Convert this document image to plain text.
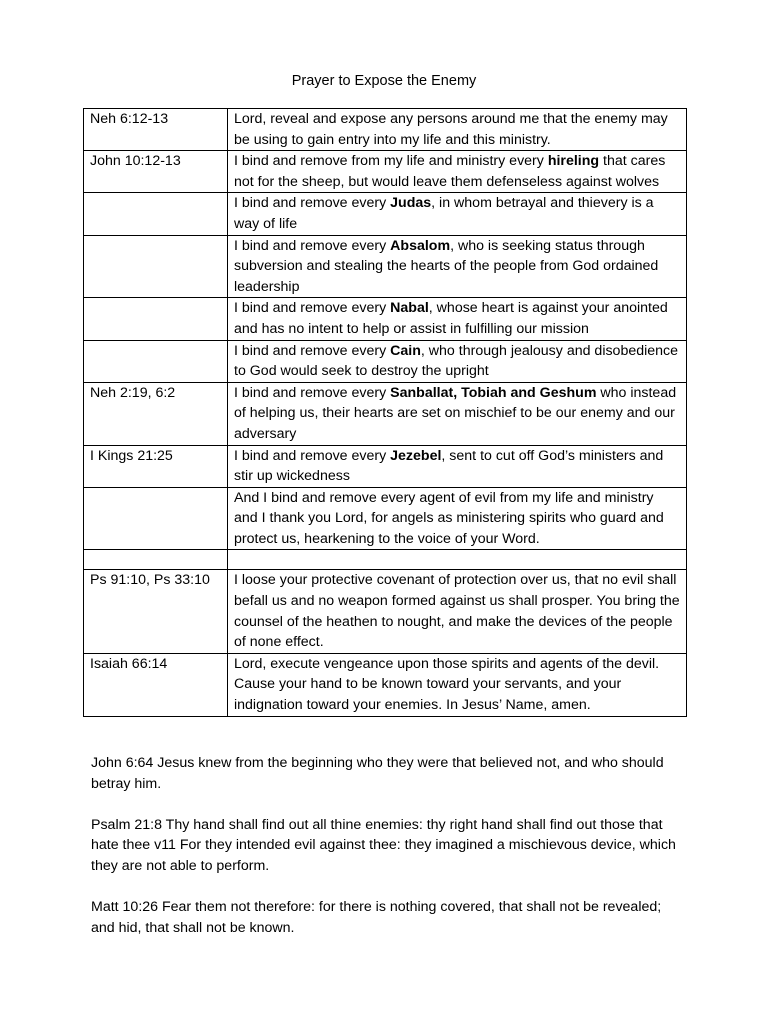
Prayer to Expose the Enemy
Neh 6:12-13	Lord, reveal and expose any persons around me that the enemy may be using to gain entry into my life and this ministry.
John 10:12-13	I bind and remove from my life and ministry every hireling that cares not for the sheep, but would leave them defenseless against wolves
	I bind and remove every Judas, in whom betrayal and thievery is a way of life
	I bind and remove every Absalom, who is seeking status through subversion and stealing the hearts of the people from God ordained leadership
	I bind and remove every Nabal, whose heart is against your anointed and has no intent to help or assist in fulfilling our mission
	I bind and remove every Cain, who through jealousy and disobedience to God would seek to destroy the upright
Neh 2:19, 6:2	I bind and remove every Sanballat, Tobiah and Geshum who instead of helping us, their hearts are set on mischief to be our enemy and our adversary
I Kings 21:25	I bind and remove every Jezebel, sent to cut off God’s ministers and stir up wickedness
	And I bind and remove every agent of evil from my life and ministry and I thank you Lord, for angels as ministering spirits who guard and protect us, hearkening to the voice of your Word.

Ps 91:10, Ps 33:10	I loose your protective covenant of protection over us, that no evil shall befall us and no weapon formed against us shall prosper. You bring the counsel of the heathen to nought, and make the devices of the people of none effect.
Isaiah 66:14	Lord, execute vengeance upon those spirits and agents of the devil. Cause your hand to be known toward your servants, and your indignation toward your enemies. In Jesus’ Name, amen.

John 6:64 Jesus knew from the beginning who they were that believed not, and who should betray him.

Psalm 21:8 Thy hand shall find out all thine enemies: thy right hand shall find out those that hate thee v11 For they intended evil against thee: they imagined a mischievous device, which they are not able to perform.

Matt 10:26 Fear them not therefore: for there is nothing covered, that shall not be revealed; and hid, that shall not be known.
